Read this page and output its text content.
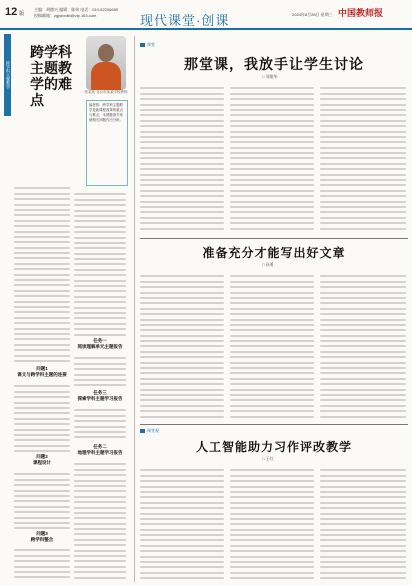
12 版
主编：胡德兴 编辑：陈伟 电话：010-82296685
投稿邮箱：zgjsbxdkt@vip.163.com	现代课堂·创课	2024年8月28日 星期三 中国教师报
跨学科主题教学
跨学科主题教学的难点	张某某 北京市某某学校教师
编者按：跨学科主题教学是新课程改革的重点与难点，本期邀请专家就相关问题作出分析。
问题1
课文与跨学科主题的连接
问题2
课程设计
问题3
跨学科整合
任务一
阅读理解单元主题报告
任务三
探索学科主题学习报告
任务二
地理学科主题学习报告
课堂
那堂课，我放手让学生讨论
□ 刘建华
准备充分才能写出好文章
□ 孙勇
课堂观
人工智能助力习作评改教学
□ 王红
